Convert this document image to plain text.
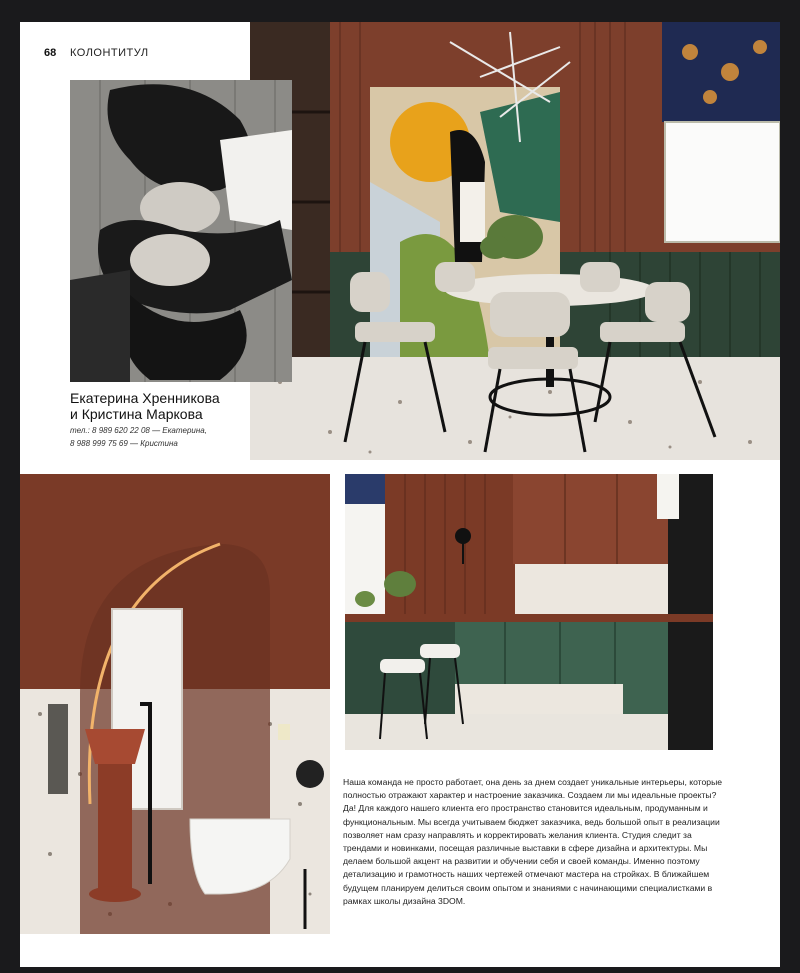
68 КОЛОНТИТУЛ
Екатерина Хренникова
и Кристина Маркова
тел.: 8 989 620 22 08 — Екатерина,
8 988 999 75 69 — Кристина

Наша команда не просто работает, она день за днем создает уникальные интерьеры, которые полностью отражают характер и настроение заказчика. Создаем ли мы идеальные проекты? Да! Для каждого нашего клиента его пространство становится идеальным, продуманным и функциональным. Мы всегда учитываем бюджет заказчика, ведь большой опыт в реализации позволяет нам сразу направлять и корректировать желания клиента. Студия следит за трендами и новинками, посещая различные выставки в сфере дизайна и архитектуры. Мы делаем большой акцент на развитии и обучении себя и своей команды. Именно поэтому детализацию и грамотность наших чертежей отмечают мастера на стройках. В ближайшем будущем планируем делиться своим опытом и знаниями с начинающими специалистками в рамках школы дизайна 3DOM.
